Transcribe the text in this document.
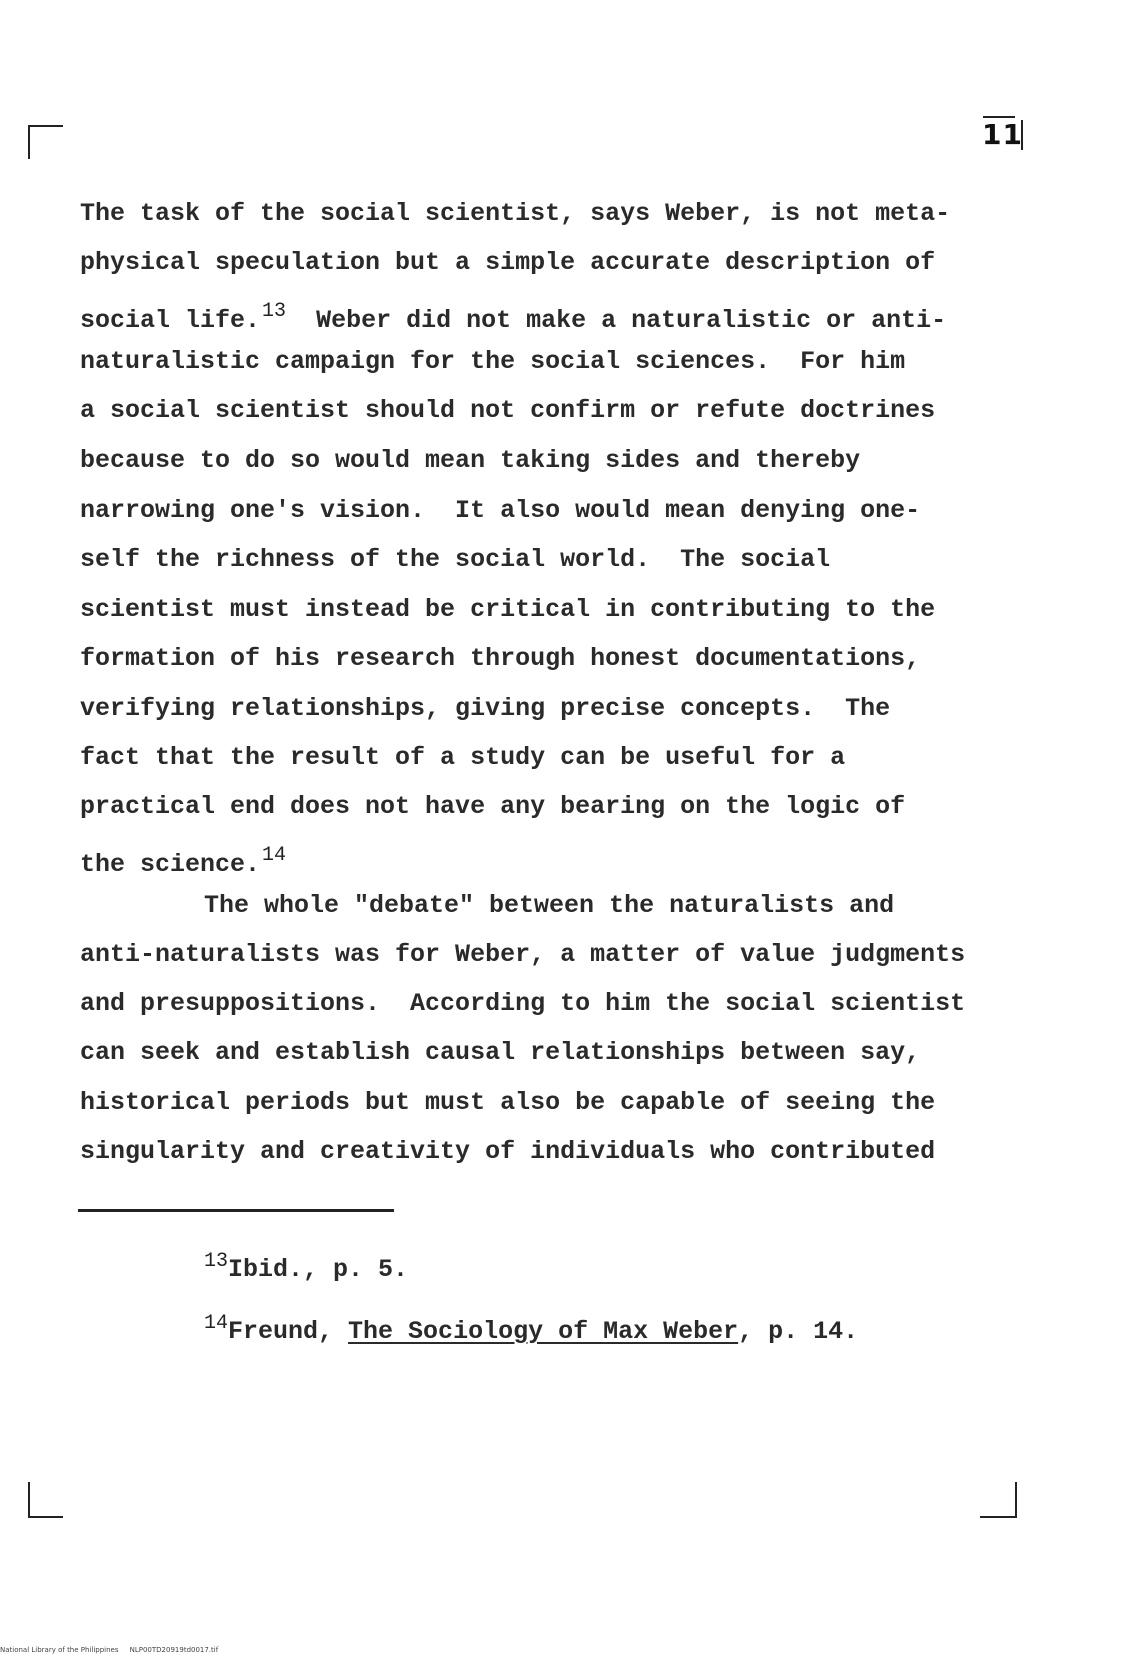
11
The task of the social scientist, says Weber, is not meta-
physical speculation but a simple accurate description of
social life. $^{13}$ Weber did not make a naturalistic or anti-
naturalistic campaign for the social sciences.  For him
a social scientist should not confirm or refute doctrines
because to do so would mean taking sides and thereby
narrowing one's vision.  It also would mean denying one-
self the richness of the social world.  The social
scientist must instead be critical in contributing to the
formation of his research through honest documentations,
verifying relationships, giving precise concepts.  The
fact that the result of a study can be useful for a
practical end does not have any bearing on the logic of
the science. $^{14}$
The whole "debate" between the naturalists and
anti-naturalists was for Weber, a matter of value judgments
and presuppositions.  According to him the social scientist
can seek and establish causal relationships between say,
historical periods but must also be capable of seeing the
singularity and creativity of individuals who contributed
$^{13}$Ibid., p. 5.
$^{14}$Freund, The Sociology of Max Weber, p. 14.
National Library of the Philippines     NLP00TD20919td0017.tif
